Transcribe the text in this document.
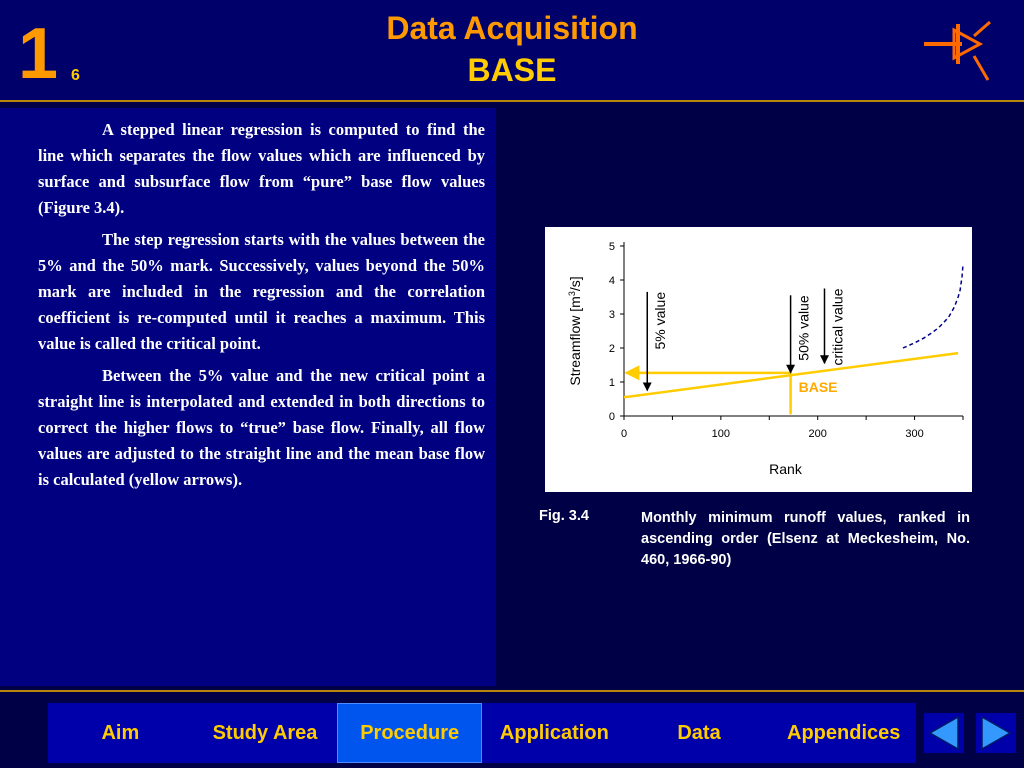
1 6
Data Acquisition
BASE

A stepped linear regression is computed to find the line which separates the flow values which are influenced by surface and subsurface flow from “pure” base flow values (Figure 3.4).

The step regression starts with the values between the 5% and the 50% mark. Successively, values beyond the 50% mark are included in the regression and the correlation coefficient is re-computed until it reaches a maximum. This value is called the critical point.

Between the 5% value and the new critical point a straight line is interpolated and extended in both directions to correct the higher flows to “true” base flow. Finally, all flow values are adjusted to the straight line and the mean base flow is calculated (yellow arrows).

0
1
2
3
4
5
0	100	200	300
Rank
Streamflow $[m^3/s]$
5% value	50% value critical value
BASE
Fig. 3.4	Monthly minimum runoff values, ranked in ascending order (Elsenz at Meckesheim, No. 460, 1966-90)
Aim	Study Area	Procedure	Application	Data	Appendices
